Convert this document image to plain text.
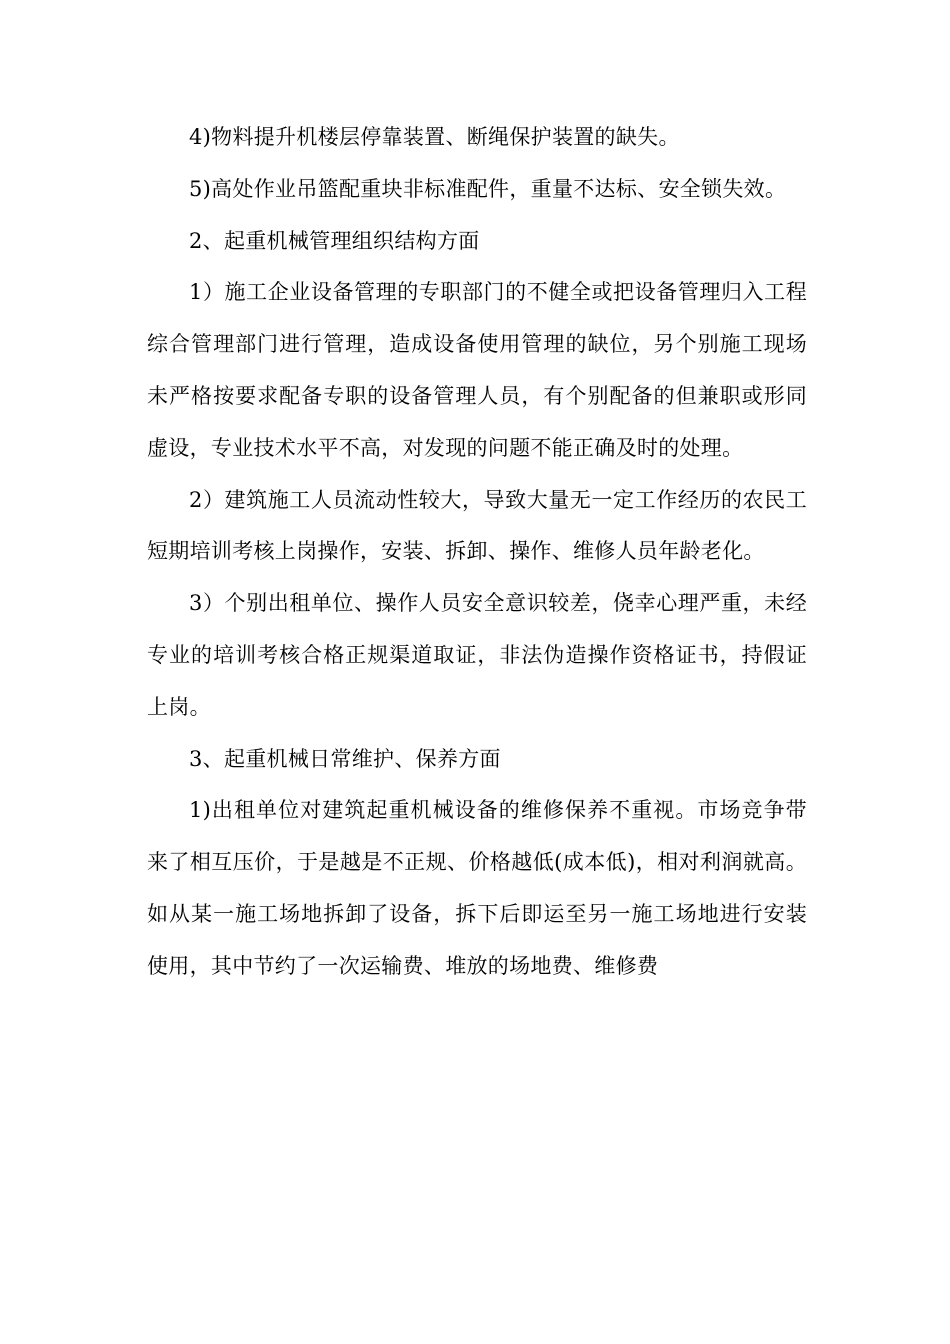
4)物料提升机楼层停靠装置、断绳保护装置的缺失。

5)高处作业吊篮配重块非标准配件，重量不达标、安全锁失效。

2、起重机械管理组织结构方面

1）施工企业设备管理的专职部门的不健全或把设备管理归入工程综合管理部门进行管理，造成设备使用管理的缺位，另个别施工现场未严格按要求配备专职的设备管理人员，有个别配备的但兼职或形同虚设，专业技术水平不高，对发现的问题不能正确及时的处理。

2）建筑施工人员流动性较大，导致大量无一定工作经历的农民工短期培训考核上岗操作，安装、拆卸、操作、维修人员年龄老化。

3）个别出租单位、操作人员安全意识较差，侥幸心理严重，未经专业的培训考核合格正规渠道取证，非法伪造操作资格证书，持假证上岗。

3、起重机械日常维护、保养方面

1)出租单位对建筑起重机械设备的维修保养不重视。市场竞争带来了相互压价，于是越是不正规、价格越低(成本低)，相对利润就高。如从某一施工场地拆卸了设备，拆下后即运至另一施工场地进行安装使用，其中节约了一次运输费、堆放的场地费、维修费
